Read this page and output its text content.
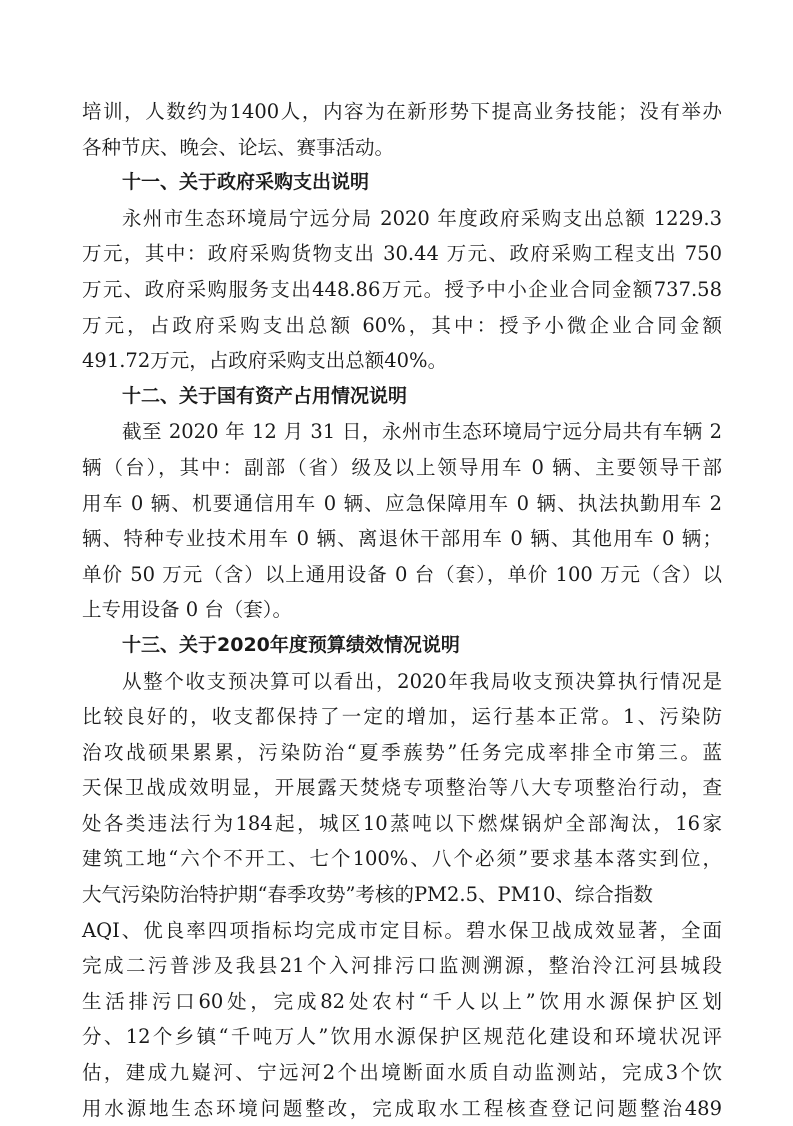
培训，人数约为1400人，内容为在新形势下提高业务技能；没有举办
各种节庆、晚会、论坛、赛事活动。
十一、关于政府采购支出说明
永州市生态环境局宁远分局 2020 年度政府采购支出总额 1229.3
万元，其中：政府采购货物支出 30.44 万元、政府采购工程支出 750
万元、政府采购服务支出448.86万元。授予中小企业合同金额737.58
万元，占政府采购支出总额 60%，其中：授予小微企业合同金额
491.72万元，占政府采购支出总额40%。
十二、关于国有资产占用情况说明
截至 2020 年 12 月 31 日，永州市生态环境局宁远分局共有车辆 2
辆（台），其中：副部（省）级及以上领导用车 0 辆、主要领导干部
用车 0 辆、机要通信用车 0 辆、应急保障用车 0 辆、执法执勤用车 2
辆、特种专业技术用车 0 辆、离退休干部用车 0 辆、其他用车 0 辆；
单价 50 万元（含）以上通用设备 0 台（套），单价 100 万元（含）以
上专用设备 0 台（套）。
十三、关于2020年度预算绩效情况说明
从整个收支预决算可以看出，2020年我局收支预决算执行情况是
比较良好的，收支都保持了一定的增加，运行基本正常。1、污染防
治攻战硕果累累，污染防治“夏季蔟势”任务完成率排全市第三。蓝
天保卫战成效明显，开展露天焚烧专项整治等八大专项整治行动，查
处各类违法行为184起，城区10蒸吨以下燃煤锅炉全部淘汰，16家
建筑工地“六个不开工、七个100%、八个必须”要求基本落实到位，
大气污染防治特护期“春季攻势”考核的PM2.5、PM10、综合指数
AQI、优良率四项指标均完成市定目标。碧水保卫战成效显著，全面
完成二污普涉及我县21个入河排污口监测溯源，整治泠江河县城段
生活排污口60处，完成82处农村“千人以上”饮用水源保护区划
分、12个乡镇“千吨万人”饮用水源保护区规范化建设和环境状况评
估，建成九嶷河、宁远河2个出境断面水质自动监测站，完成3个饮
用水源地生态环境问题整改，完成取水工程核查登记问题整治489
